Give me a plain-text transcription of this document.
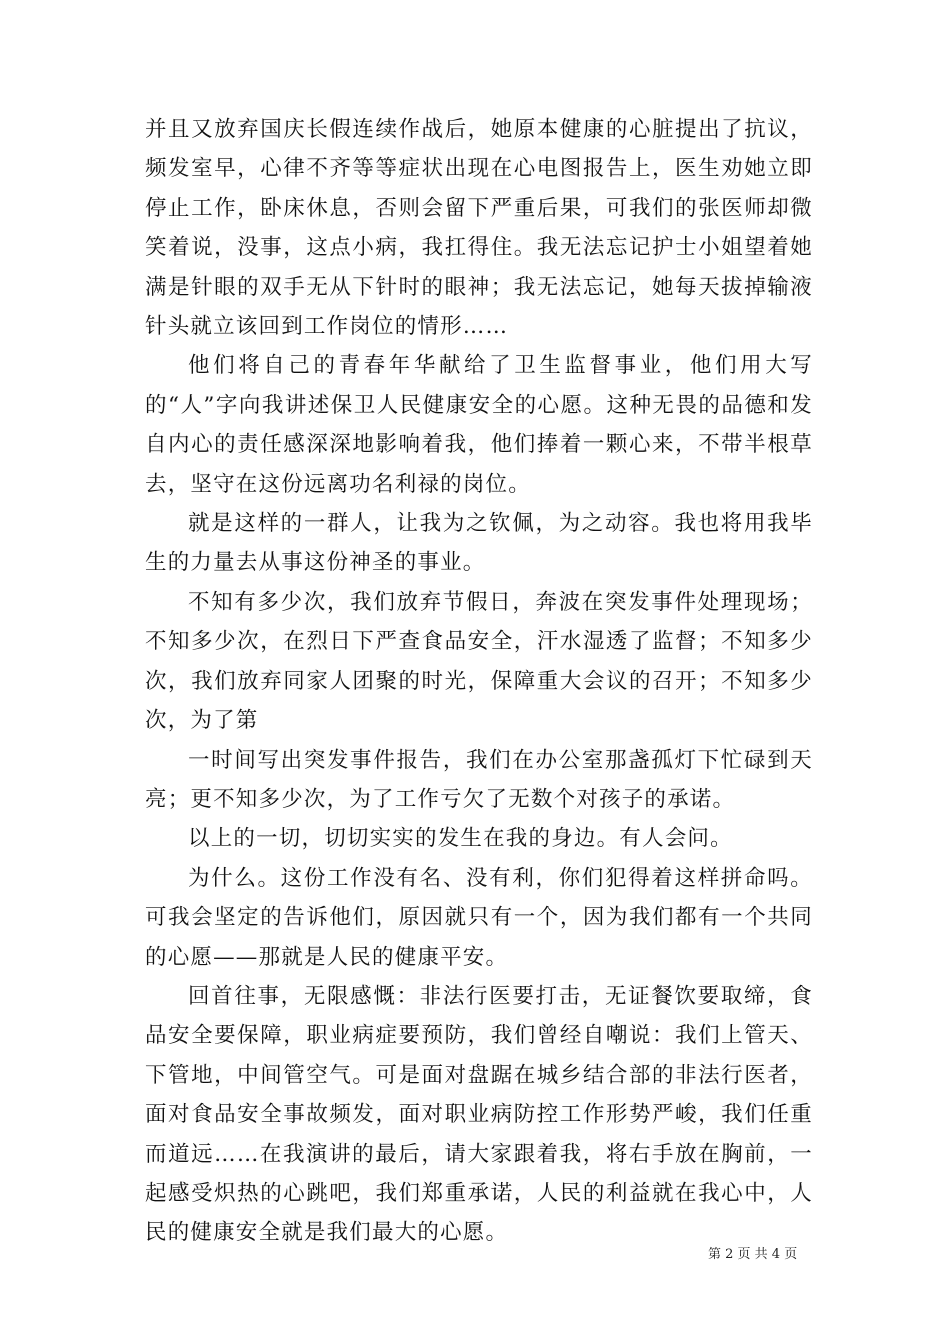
并且又放弃国庆长假连续作战后，她原本健康的心脏提出了抗议，频发室早，心律不齐等等症状出现在心电图报告上，医生劝她立即停止工作，卧床休息，否则会留下严重后果，可我们的张医师却微笑着说，没事，这点小病，我扛得住。我无法忘记护士小姐望着她满是针眼的双手无从下针时的眼神；我无法忘记，她每天拔掉输液针头就立该回到工作岗位的情形……

他们将自己的青春年华献给了卫生监督事业，他们用大写的“人”字向我讲述保卫人民健康安全的心愿。这种无畏的品德和发自内心的责任感深深地影响着我，他们捧着一颗心来，不带半根草去，坚守在这份远离功名利禄的岗位。

就是这样的一群人，让我为之钦佩，为之动容。我也将用我毕生的力量去从事这份神圣的事业。

不知有多少次，我们放弃节假日，奔波在突发事件处理现场；不知多少次，在烈日下严查食品安全，汗水湿透了监督；不知多少次，我们放弃同家人团聚的时光，保障重大会议的召开；不知多少次，为了第

一时间写出突发事件报告，我们在办公室那盏孤灯下忙碌到天亮；更不知多少次，为了工作亏欠了无数个对孩子的承诺。

以上的一切，切切实实的发生在我的身边。有人会问。

为什么。这份工作没有名、没有利，你们犯得着这样拼命吗。可我会坚定的告诉他们，原因就只有一个，因为我们都有一个共同的心愿——那就是人民的健康平安。

回首往事，无限感慨：非法行医要打击，无证餐饮要取缔，食品安全要保障，职业病症要预防，我们曾经自嘲说：我们上管天、下管地，中间管空气。可是面对盘踞在城乡结合部的非法行医者，面对食品安全事故频发，面对职业病防控工作形势严峻，我们任重而道远……在我演讲的最后，请大家跟着我，将右手放在胸前，一起感受炽热的心跳吧，我们郑重承诺，人民的利益就在我心中，人民的健康安全就是我们最大的心愿。

第 2 页 共 4 页
